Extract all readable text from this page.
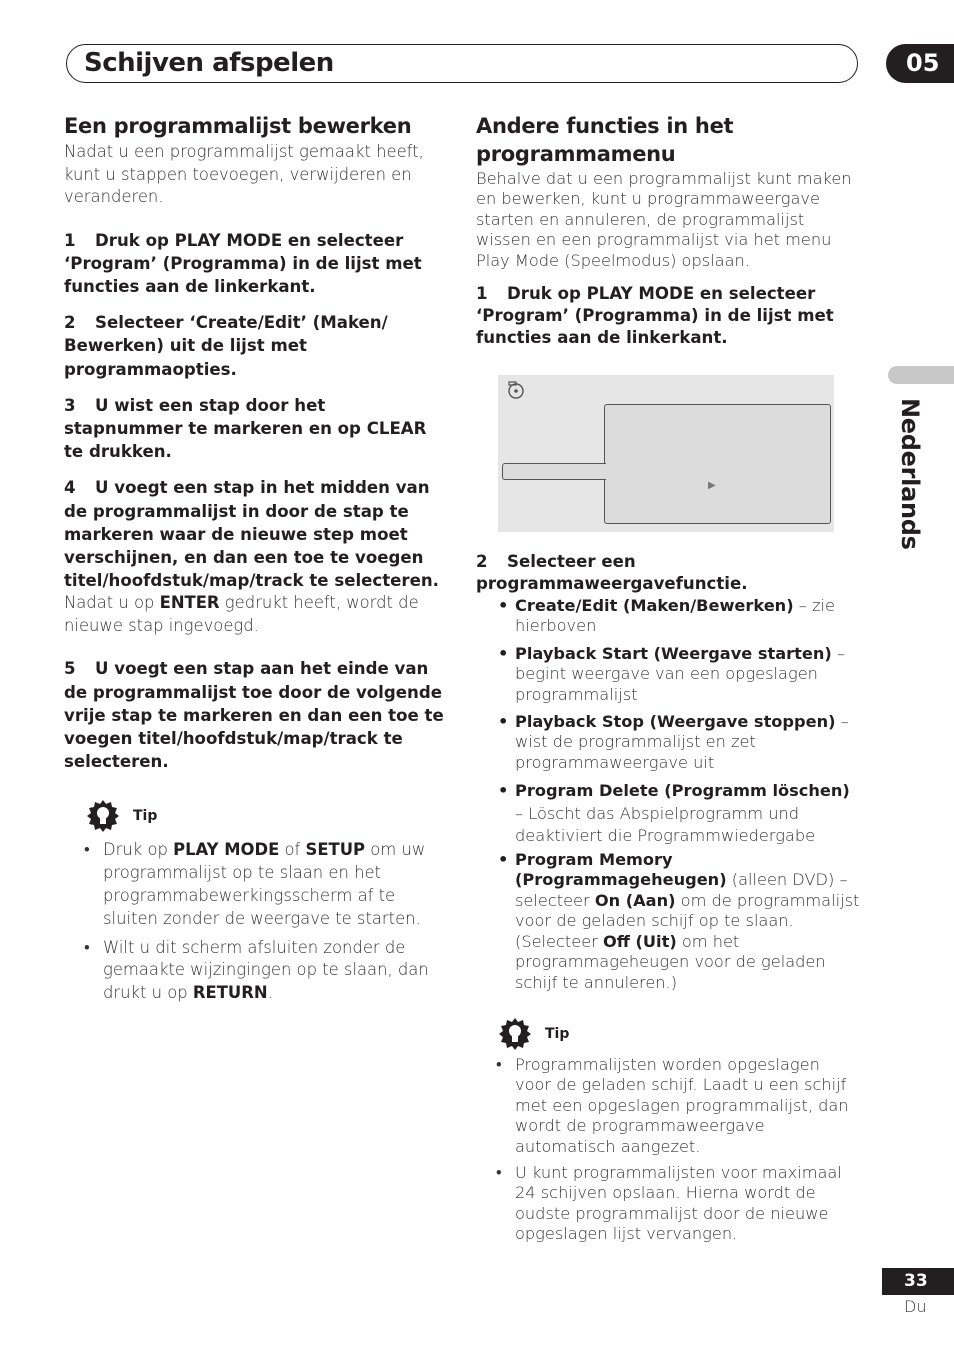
Schijven afspelen	05
Nederlands
Een programmalijst bewerken

Nadat u een programmalijst gemaakt heeft, kunt u stappen toevoegen, verwijderen en veranderen.

1 Druk op PLAY MODE en selecteer ‘Program’ (Programma) in de lijst met functies aan de linkerkant.

2 Selecteer ‘Create/Edit’ (Maken/ Bewerken) uit de lijst met programmaopties.

3 U wist een stap door het stapnummer te markeren en op CLEAR te drukken.

4 U voegt een stap in het midden van de programmalijst in door de stap te markeren waar de nieuwe step moet verschijnen, en dan een toe te voegen titel/hoofdstuk/map/track te selecteren.

Nadat u op ENTER gedrukt heeft, wordt de nieuwe stap ingevoegd.

5 U voegt een stap aan het einde van de programmalijst toe door de volgende vrije stap te markeren en dan een toe te voegen titel/hoofdstuk/map/track te selecteren.

Tip
• Druk op PLAY MODE of SETUP om uw programmalijst op te slaan en het programmabewerkingsscherm af te sluiten zonder de weergave te starten.
• Wilt u dit scherm afsluiten zonder de gemaakte wijzingingen op te slaan, dan drukt u op RETURN.
Andere functies in het programmamenu

Behalve dat u een programmalijst kunt maken en bewerken, kunt u programmaweergave starten en annuleren, de programmalijst wissen en een programmalijst via het menu Play Mode (Speelmodus) opslaan.

1 Druk op PLAY MODE en selecteer ‘Program’ (Programma) in de lijst met functies aan de linkerkant.

▶

2 Selecteer een programmaweergavefunctie.

• Create/Edit (Maken/Bewerken) – zie hierboven
• Playback Start (Weergave starten) – begint weergave van een opgeslagen programmalijst
• Playback Stop (Weergave stoppen) – wist de programmalijst en zet programmaweergave uit
• Program Delete (Programm löschen) – Löscht das Abspielprogramm und deaktiviert die Programmwiedergabe
• Program Memory (Programmageheugen) (alleen DVD) – selecteer On (Aan) om de programmalijst voor de geladen schijf op te slaan. (Selecteer Off (Uit) om het programmageheugen voor de geladen schijf te annuleren.)
Tip
• Programmalijsten worden opgeslagen voor de geladen schijf. Laadt u een schijf met een opgeslagen programmalijst, dan wordt de programmaweergave automatisch aangezet.
• U kunt programmalijsten voor maximaal 24 schijven opslaan. Hierna wordt de oudste programmalijst door de nieuwe opgeslagen lijst vervangen.
33
Du
